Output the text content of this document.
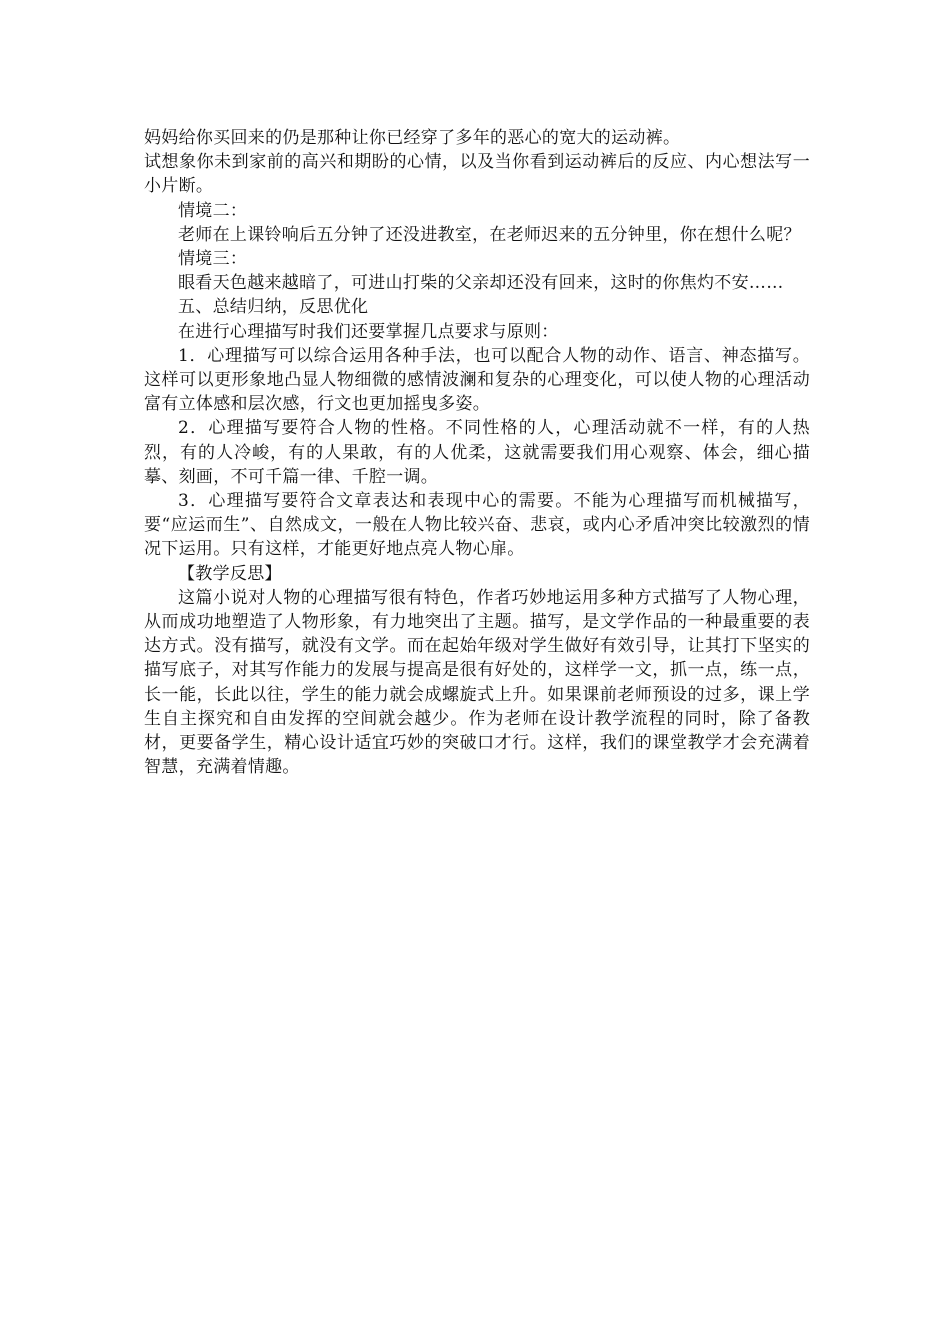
妈妈给你买回来的仍是那种让你已经穿了多年的恶心的宽大的运动裤。

试想象你未到家前的高兴和期盼的心情，以及当你看到运动裤后的反应、内心想法写一小片断。

情境二：

老师在上课铃响后五分钟了还没进教室，在老师迟来的五分钟里，你在想什么呢？

情境三：

眼看天色越来越暗了，可进山打柴的父亲却还没有回来，这时的你焦灼不安……

五、总结归纳，反思优化

在进行心理描写时我们还要掌握几点要求与原则：

1．心理描写可以综合运用各种手法，也可以配合人物的动作、语言、神态描写。这样可以更形象地凸显人物细微的感情波澜和复杂的心理变化，可以使人物的心理活动富有立体感和层次感，行文也更加摇曳多姿。

2．心理描写要符合人物的性格。不同性格的人，心理活动就不一样，有的人热烈，有的人冷峻，有的人果敢，有的人优柔，这就需要我们用心观察、体会，细心描摹、刻画，不可千篇一律、千腔一调。

3．心理描写要符合文章表达和表现中心的需要。不能为心理描写而机械描写，要“应运而生”、自然成文，一般在人物比较兴奋、悲哀，或内心矛盾冲突比较激烈的情况下运用。只有这样，才能更好地点亮人物心扉。

【教学反思】

这篇小说对人物的心理描写很有特色，作者巧妙地运用多种方式描写了人物心理，从而成功地塑造了人物形象，有力地突出了主题。描写，是文学作品的一种最重要的表达方式。没有描写，就没有文学。而在起始年级对学生做好有效引导，让其打下坚实的描写底子，对其写作能力的发展与提高是很有好处的，这样学一文，抓一点，练一点，长一能，长此以往，学生的能力就会成螺旋式上升。如果课前老师预设的过多，课上学生自主探究和自由发挥的空间就会越少。作为老师在设计教学流程的同时，除了备教材，更要备学生，精心设计适宜巧妙的突破口才行。这样，我们的课堂教学才会充满着智慧，充满着情趣。
